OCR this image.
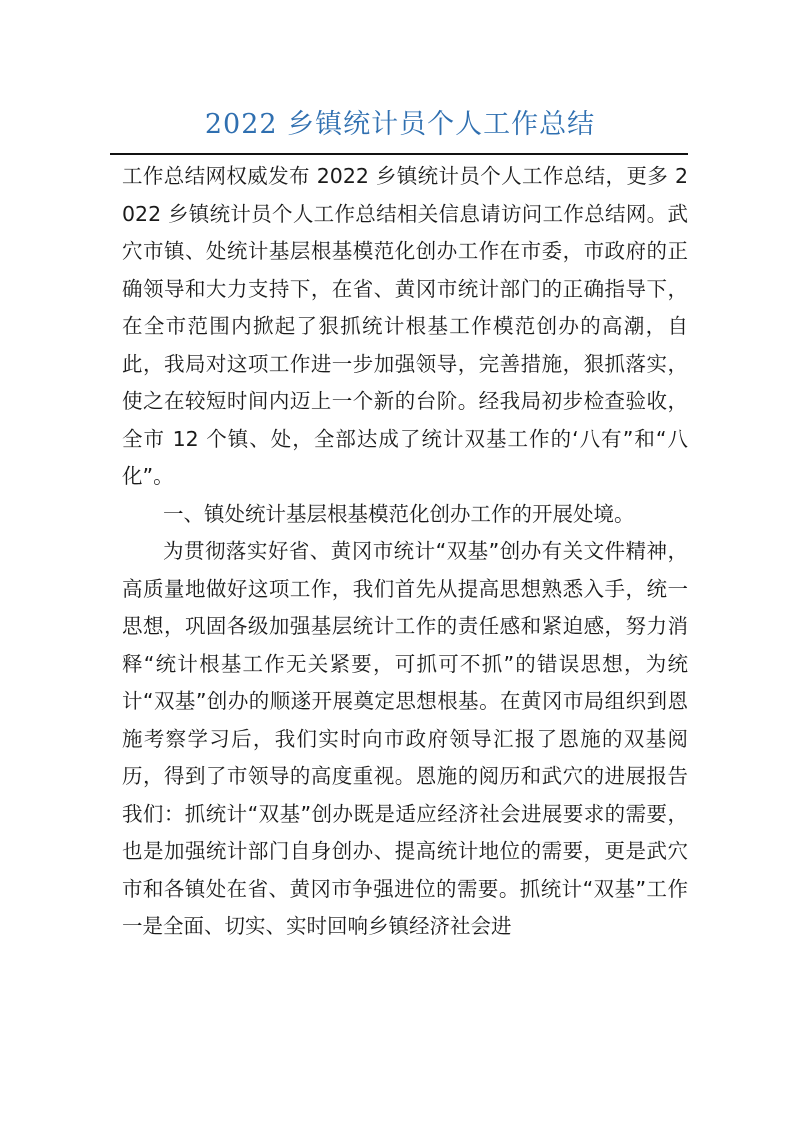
2022 乡镇统计员个人工作总结

工作总结网权威发布 2022 乡镇统计员个人工作总结，更多 2022 乡镇统计员个人工作总结相关信息请访问工作总结网。武穴市镇、处统计基层根基模范化创办工作在市委，市政府的正确领导和大力支持下，在省、黄冈市统计部门的正确指导下，在全市范围内掀起了狠抓统计根基工作模范创办的高潮，自此，我局对这项工作进一步加强领导，完善措施，狠抓落实，使之在较短时间内迈上一个新的台阶。经我局初步检查验收，全市 12 个镇、处，全部达成了统计双基工作的‘八有”和“八化”。

一、镇处统计基层根基模范化创办工作的开展处境。

为贯彻落实好省、黄冈市统计“双基”创办有关文件精神，高质量地做好这项工作，我们首先从提高思想熟悉入手，统一思想，巩固各级加强基层统计工作的责任感和紧迫感，努力消释“统计根基工作无关紧要，可抓可不抓”的错误思想，为统计“双基”创办的顺遂开展奠定思想根基。在黄冈市局组织到恩施考察学习后，我们实时向市政府领导汇报了恩施的双基阅历，得到了市领导的高度重视。恩施的阅历和武穴的进展报告我们：抓统计“双基”创办既是适应经济社会进展要求的需要，也是加强统计部门自身创办、提高统计地位的需要，更是武穴市和各镇处在省、黄冈市争强进位的需要。抓统计“双基”工作一是全面、切实、实时回响乡镇经济社会进
